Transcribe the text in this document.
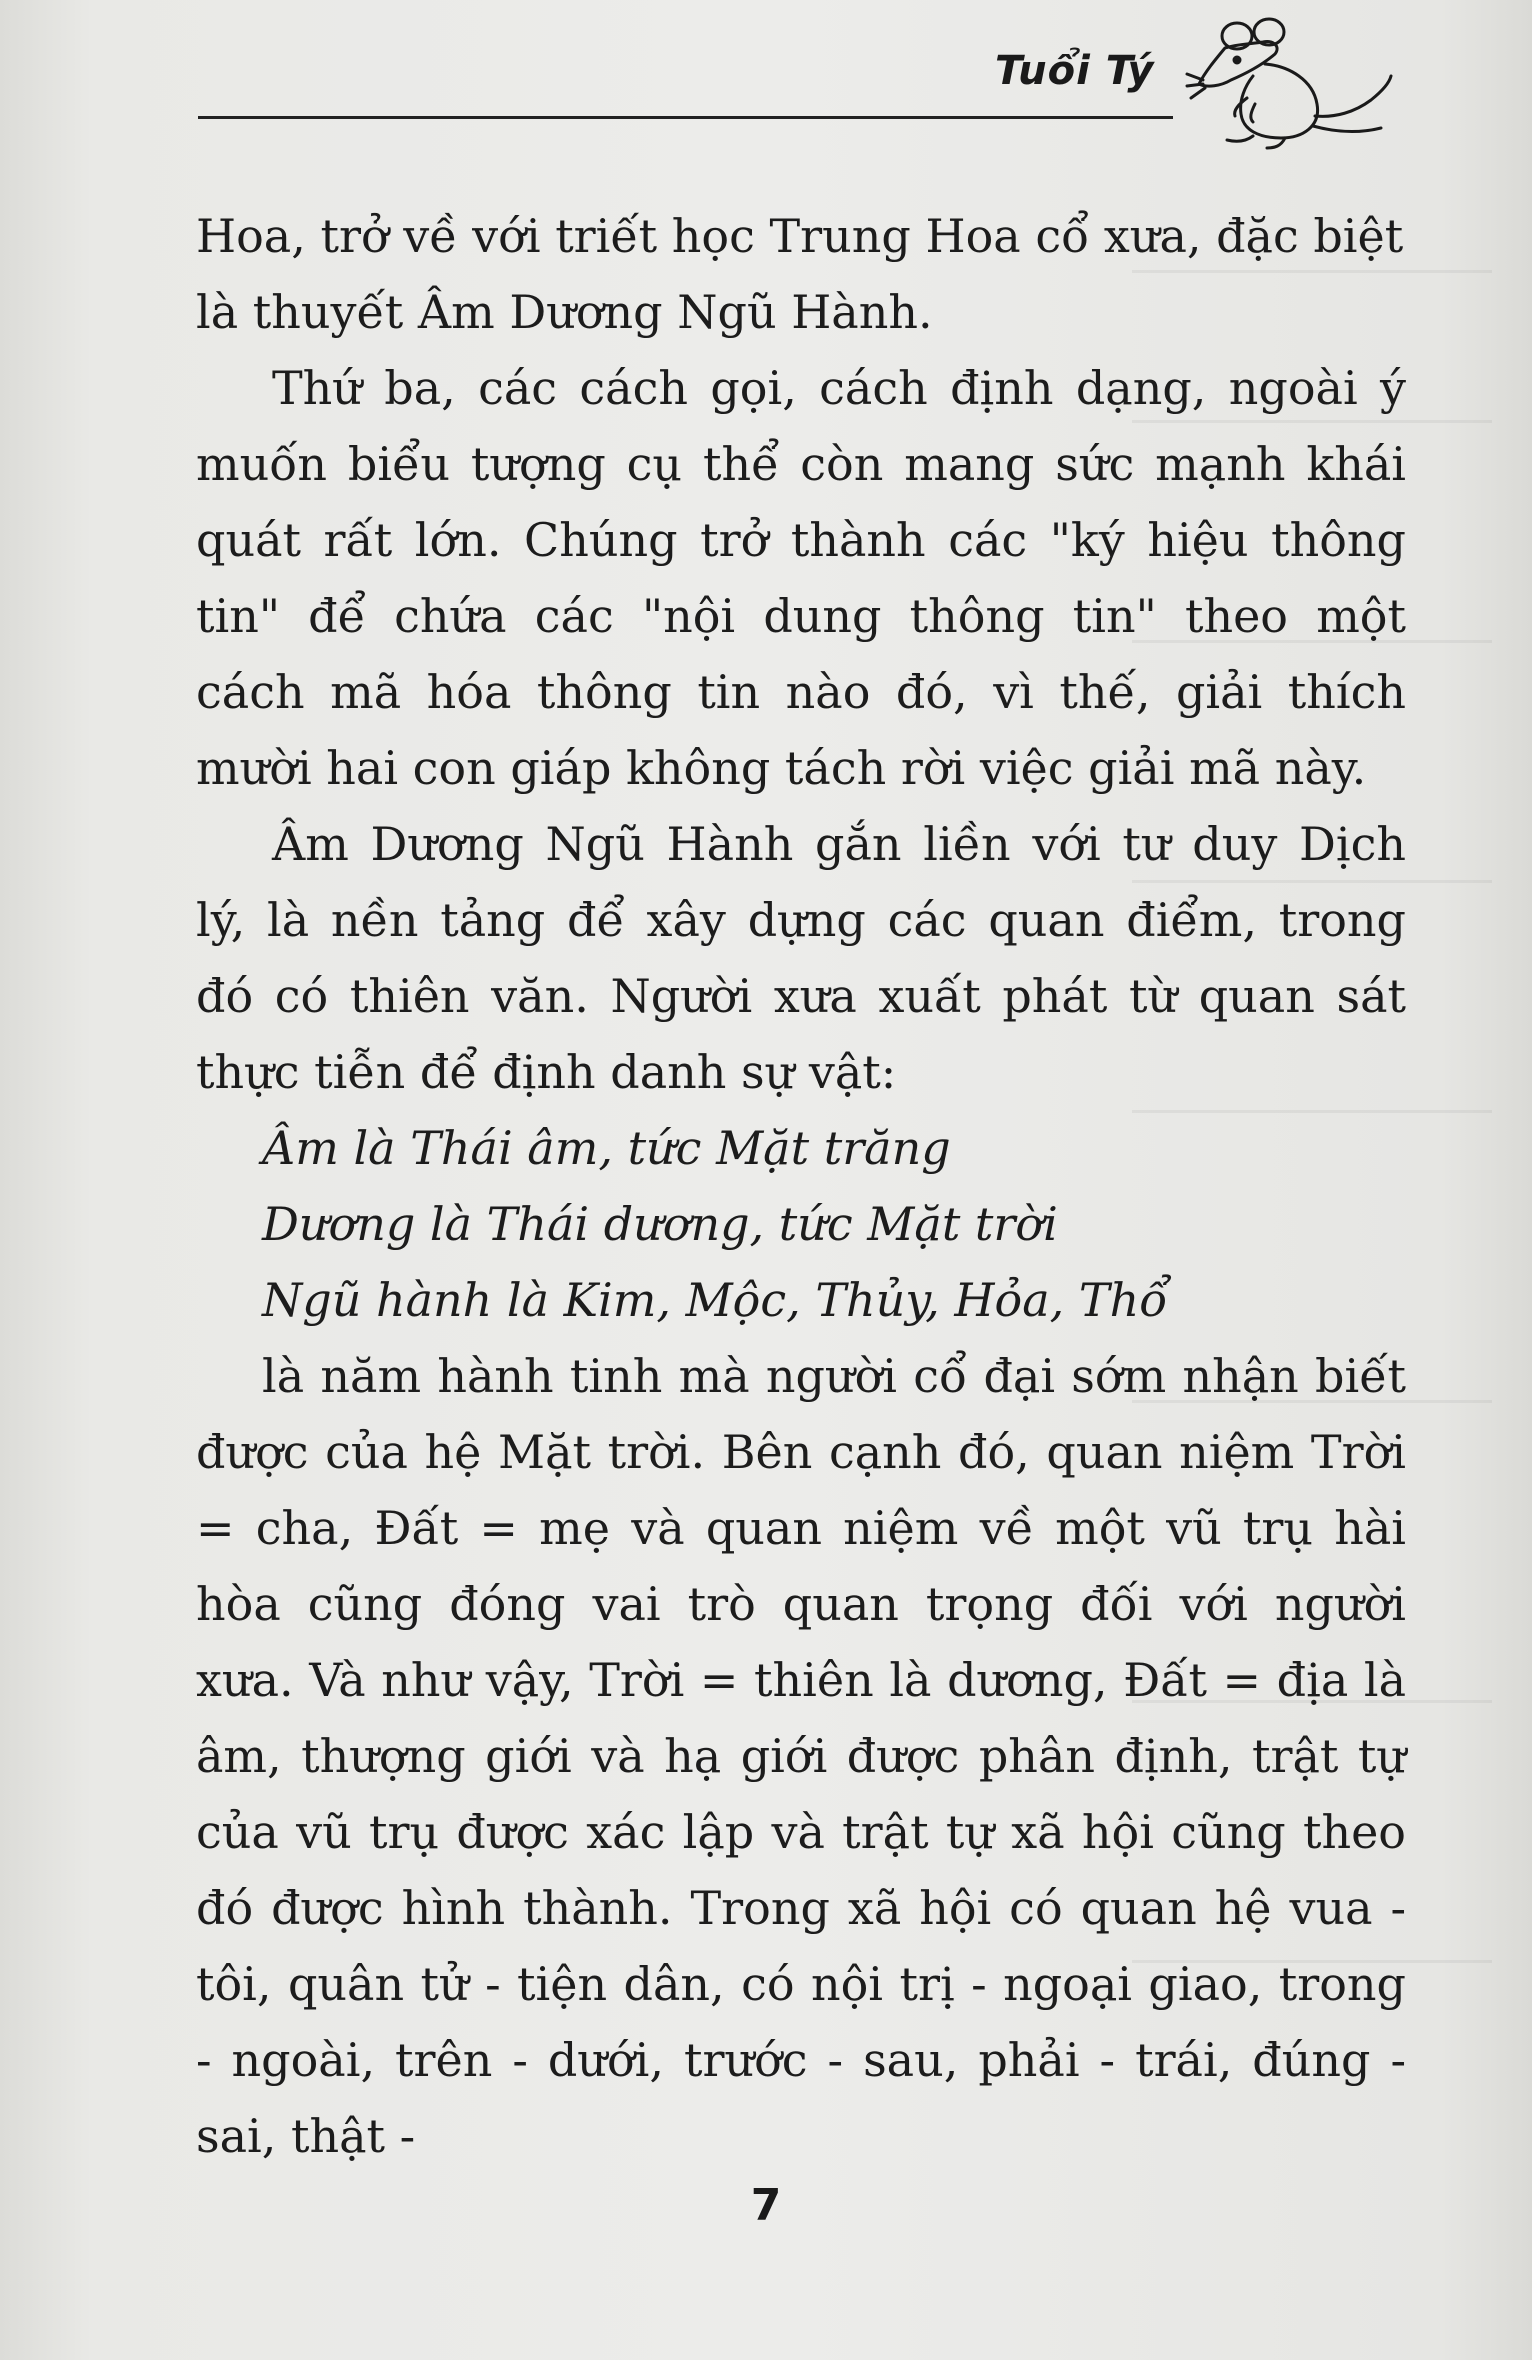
Tuổi Tý

Hoa, trở về với triết học Trung Hoa cổ xưa, đặc biệt

là thuyết Âm Dương Ngũ Hành.

Thứ ba, các cách gọi, cách định dạng, ngoài ý muốn biểu tượng cụ thể còn mang sức mạnh khái quát rất lớn. Chúng trở thành các "ký hiệu thông tin" để chứa các "nội dung thông tin" theo một cách mã hóa thông tin nào đó, vì thế, giải thích mười hai con giáp không tách rời việc giải mã này.

Âm Dương Ngũ Hành gắn liền với tư duy Dịch lý, là nền tảng để xây dựng các quan điểm, trong đó có thiên văn. Người xưa xuất phát từ quan sát thực tiễn để định danh sự vật:

Âm là Thái âm, tức Mặt trăng

Dương là Thái dương, tức Mặt trời

Ngũ hành là Kim, Mộc, Thủy, Hỏa, Thổ

là năm hành tinh mà người cổ đại sớm nhận biết được của hệ Mặt trời. Bên cạnh đó, quan niệm Trời = cha, Đất = mẹ và quan niệm về một vũ trụ hài hòa cũng đóng vai trò quan trọng đối với người xưa. Và như vậy, Trời = thiên là dương, Đất = địa là âm, thượng giới và hạ giới được phân định, trật tự của vũ trụ được xác lập và trật tự xã hội cũng theo đó được hình thành. Trong xã hội có quan hệ vua - tôi, quân tử - tiện dân, có nội trị - ngoại giao, trong - ngoài, trên - dưới, trước - sau, phải - trái, đúng - sai, thật -

7
